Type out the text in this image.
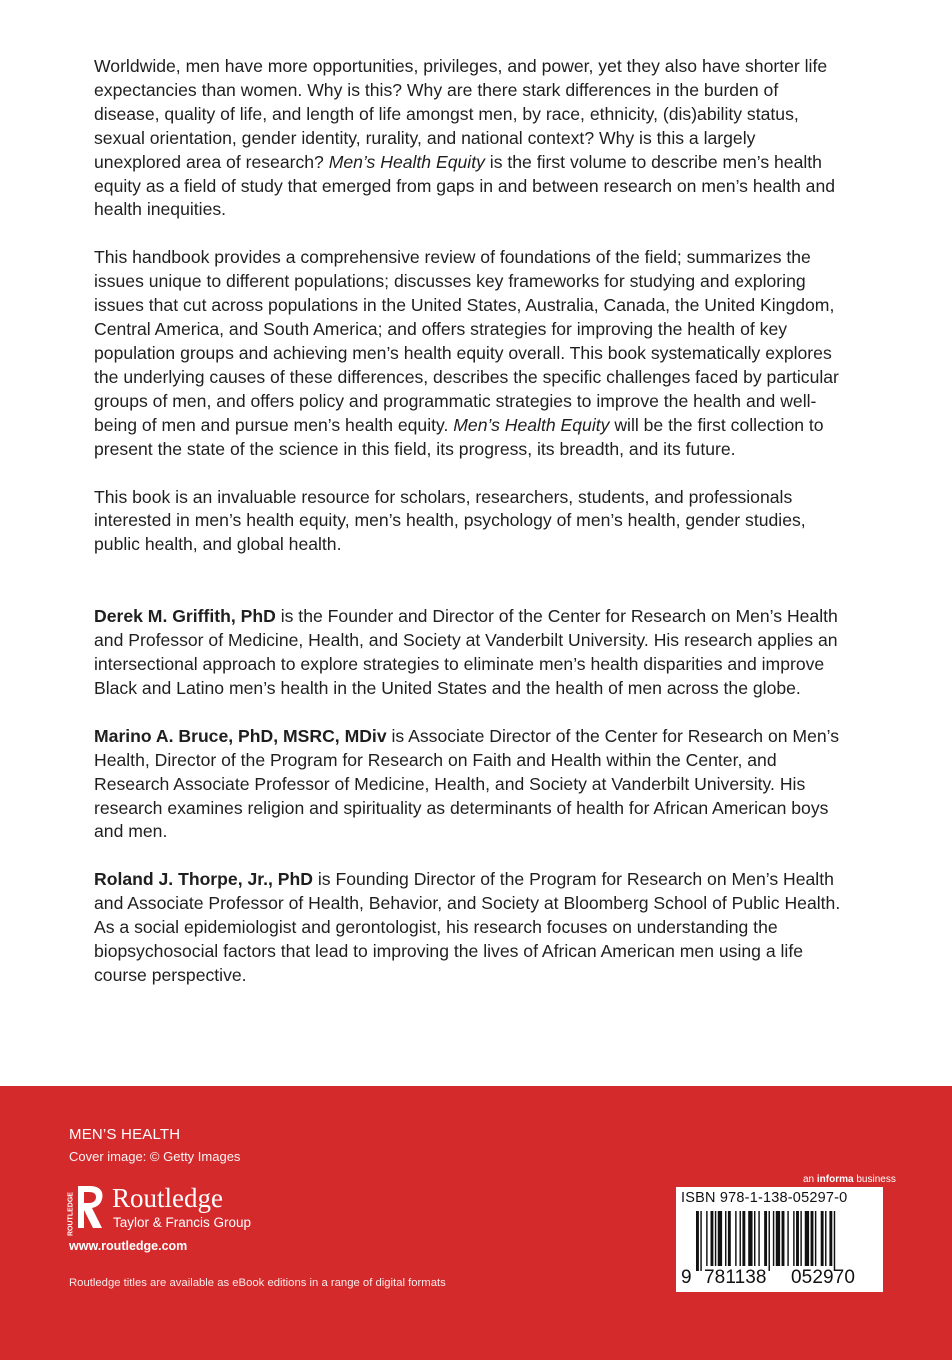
Worldwide, men have more opportunities, privileges, and power, yet they also have shorter life expectancies than women. Why is this? Why are there stark differences in the burden of disease, quality of life, and length of life amongst men, by race, ethnicity, (dis)ability status, sexual orientation, gender identity, rurality, and national context? Why is this a largely unexplored area of research? Men’s Health Equity is the first volume to describe men’s health equity as a field of study that emerged from gaps in and between research on men’s health and health inequities.

This handbook provides a comprehensive review of foundations of the field; summarizes the issues unique to different populations; discusses key frameworks for studying and exploring issues that cut across populations in the United States, Australia, Canada, the United Kingdom, Central America, and South America; and offers strategies for improving the health of key population groups and achieving men’s health equity overall. This book systematically explores the underlying causes of these differences, describes the specific challenges faced by particular groups of men, and offers policy and programmatic strategies to improve the health and well-being of men and pursue men’s health equity. Men’s Health Equity will be the first collection to present the state of the science in this field, its progress, its breadth, and its future.

This book is an invaluable resource for scholars, researchers, students, and professionals interested in men’s health equity, men’s health, psychology of men’s health, gender studies, public health, and global health.

Derek M. Griffith, PhD is the Founder and Director of the Center for Research on Men’s Health and Professor of Medicine, Health, and Society at Vanderbilt University. His research applies an intersectional approach to explore strategies to eliminate men’s health disparities and improve Black and Latino men’s health in the United States and the health of men across the globe.

Marino A. Bruce, PhD, MSRC, MDiv is Associate Director of the Center for Research on Men’s Health, Director of the Program for Research on Faith and Health within the Center, and Research Associate Professor of Medicine, Health, and Society at Vanderbilt University. His research examines religion and spirituality as determinants of health for African American boys and men.

Roland J. Thorpe, Jr., PhD is Founding Director of the Program for Research on Men’s Health and Associate Professor of Health, Behavior, and Society at Bloomberg School of Public Health. As a social epidemiologist and gerontologist, his research focuses on understanding the biopsychosocial factors that lead to improving the lives of African American men using a life course perspective.

MEN’S HEALTH
Cover image: © Getty Images
ROUTLEDGE Routledge
Taylor & Francis Group
www.routledge.com
Routledge titles are available as eBook editions in a range of digital formats
an informa business
ISBN 978-1-138-05297-0
9 781138 052970
